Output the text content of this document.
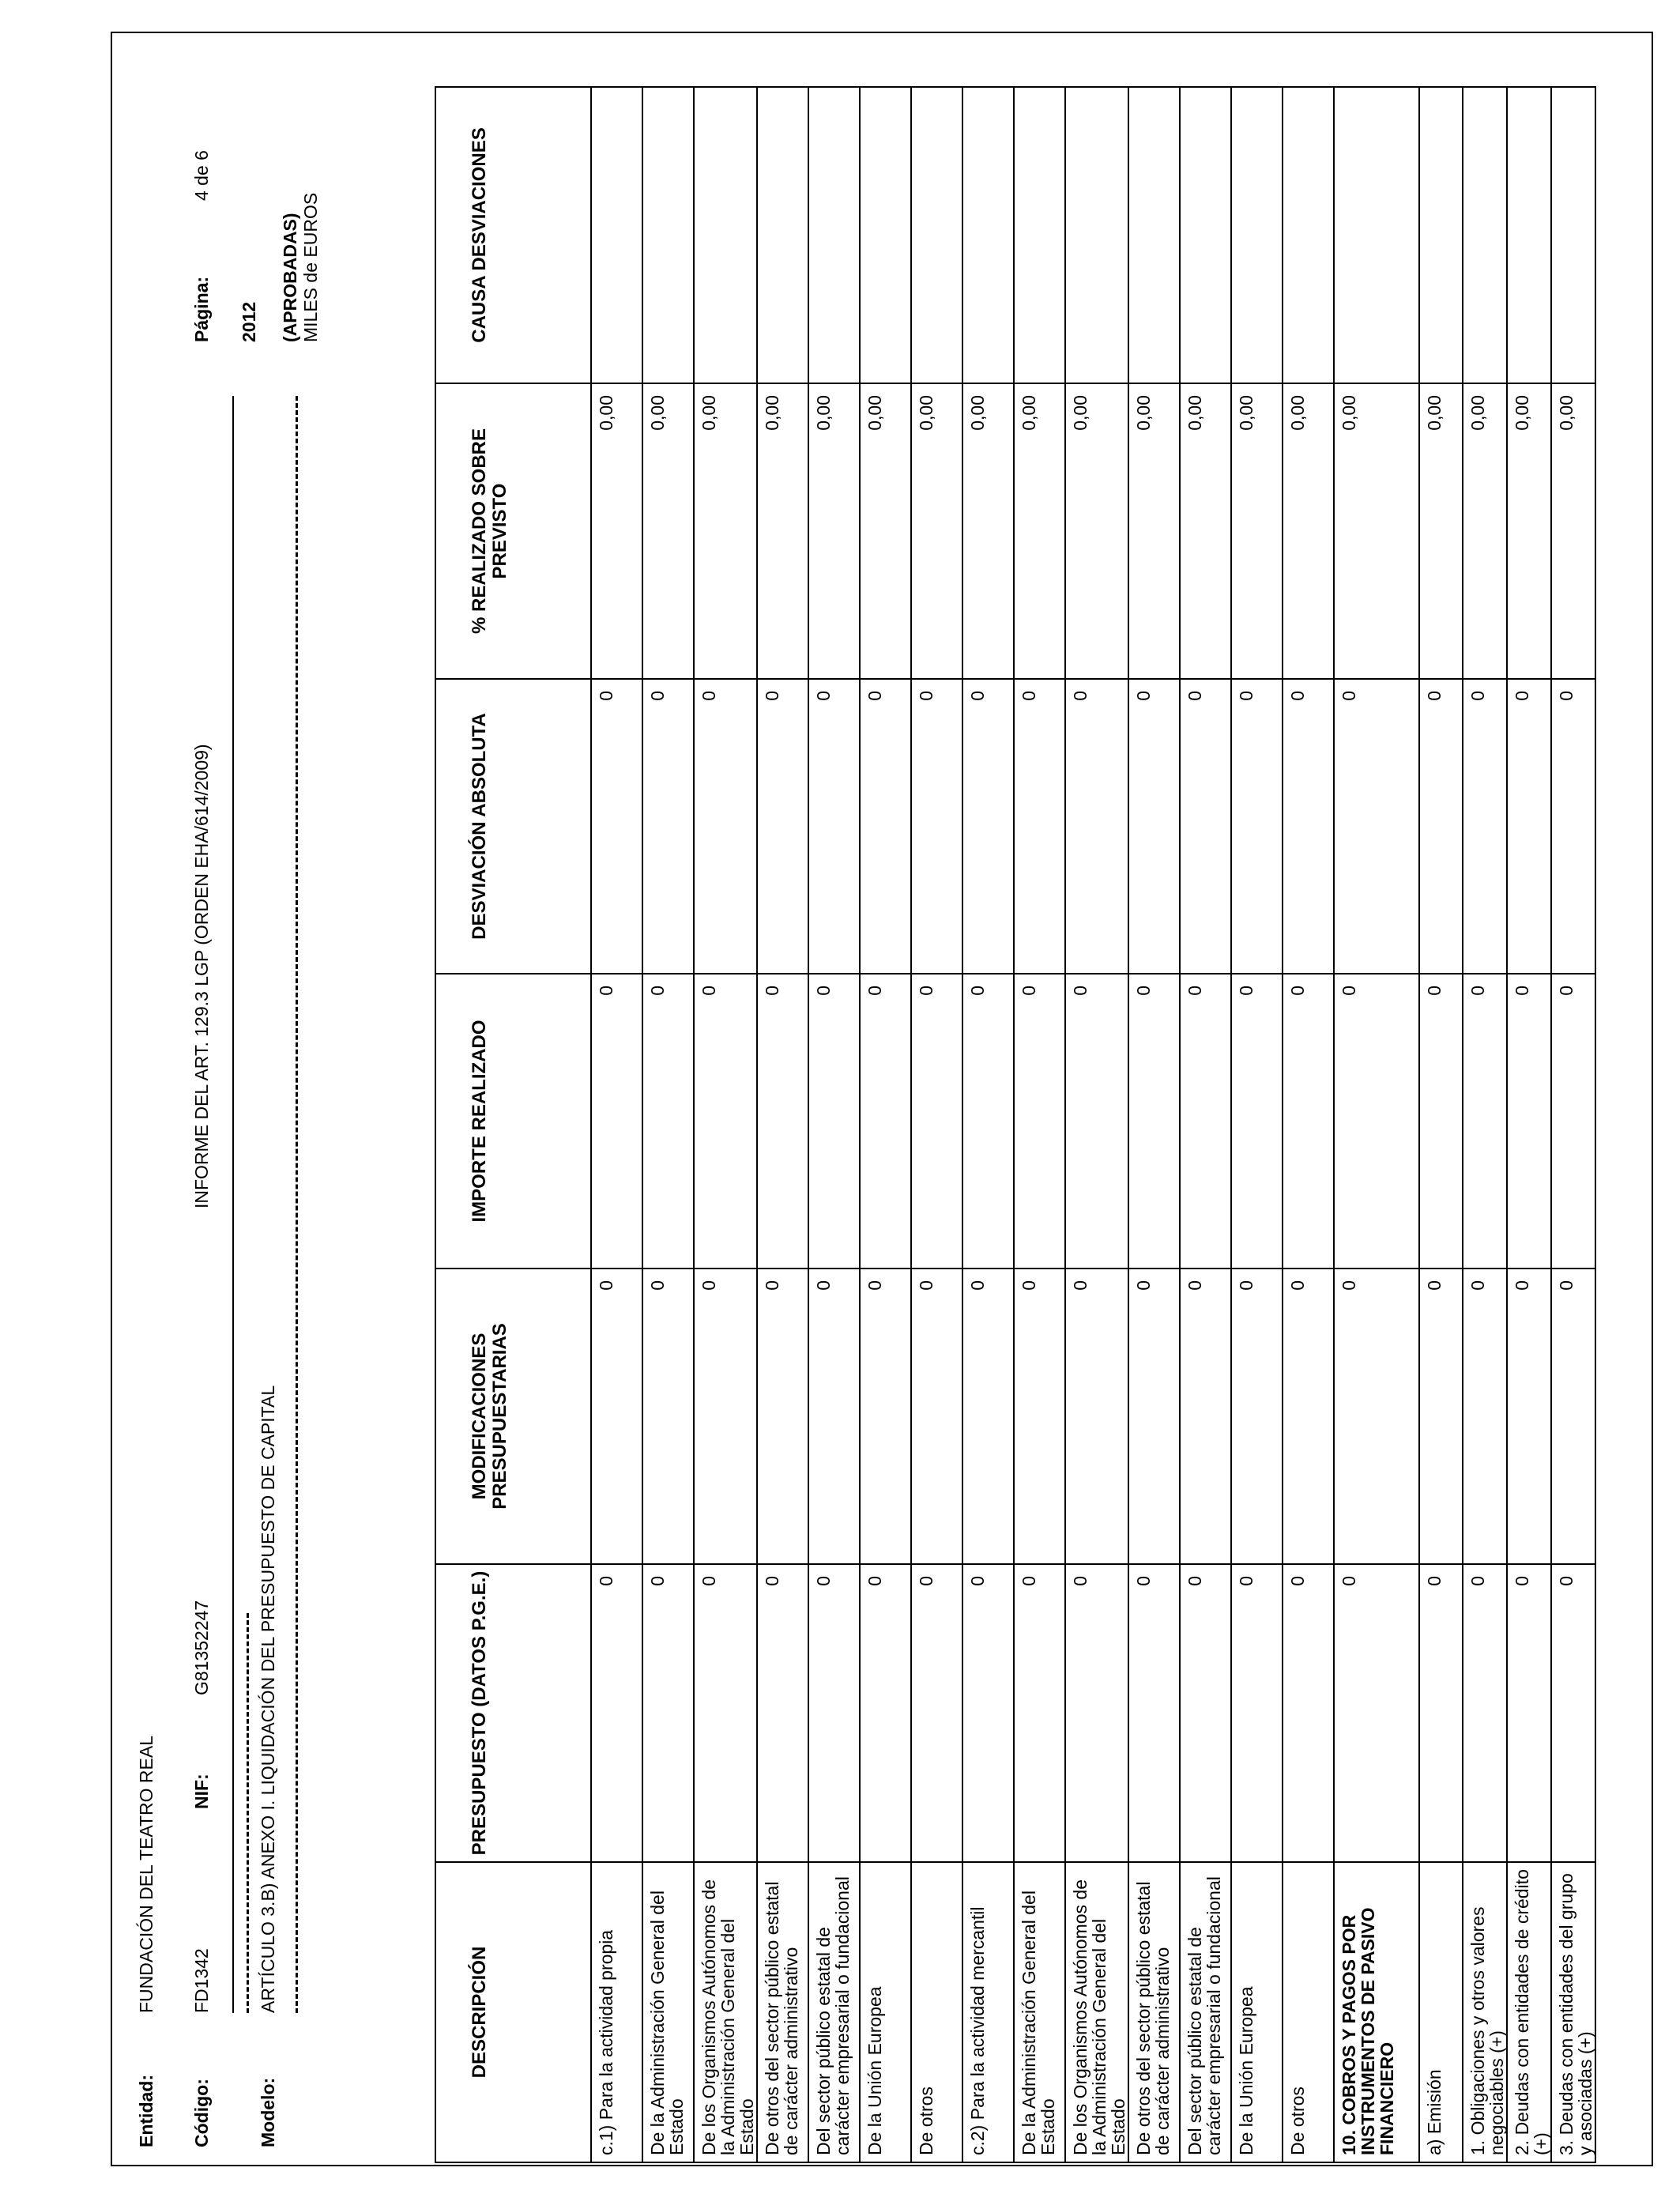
Entidad:
FUNDACIÓN DEL TEATRO REAL
Código:
FD1342
NIF:
G81352247
INFORME DEL ART. 129.3 LGP (ORDEN EHA/614/2009)
Modelo:
ARTÍCULO 3.B) ANEXO I. LIQUIDACIÓN DEL PRESUPUESTO DE CAPITAL
Página:
4 de 6
2012 (APROBADAS) MILES de EUROS
DESCRIPCIÓN	PRESUPUESTO (DATOS P.G.E.)	MODIFICACIONES PRESUPUESTARIAS	IMPORTE REALIZADO	DESVIACIÓN ABSOLUTA	% REALIZADO SOBRE PREVISTO	CAUSA DESVIACIONES
c.1) Para la actividad propia	0	0	0	0	0,00	
De la Administración General del Estado	0	0	0	0	0,00	
De los Organismos Autónomos de la Administración General del Estado	0	0	0	0	0,00	
De otros del sector público estatal de carácter administrativo	0	0	0	0	0,00	
Del sector público estatal de carácter empresarial o fundacional	0	0	0	0	0,00	
De la Unión Europea	0	0	0	0	0,00	
De otros	0	0	0	0	0,00	
c.2) Para la actividad mercantil	0	0	0	0	0,00	
De la Administración General del Estado	0	0	0	0	0,00	
De los Organismos Autónomos de la Administración General del Estado	0	0	0	0	0,00	
De otros del sector público estatal de carácter administrativo	0	0	0	0	0,00	
Del sector público estatal de carácter empresarial o fundacional	0	0	0	0	0,00	
De la Unión Europea	0	0	0	0	0,00	
De otros	0	0	0	0	0,00	
10. COBROS Y PAGOS POR INSTRUMENTOS DE PASIVO FINANCIERO	0	0	0	0	0,00	
a) Emisión	0	0	0	0	0,00	
1. Obligaciones y otros valores negociables (+)	0	0	0	0	0,00	
2. Deudas con entidades de crédito (+)	0	0	0	0	0,00	
3. Deudas con entidades del grupo y asociadas (+)	0	0	0	0	0,00	
